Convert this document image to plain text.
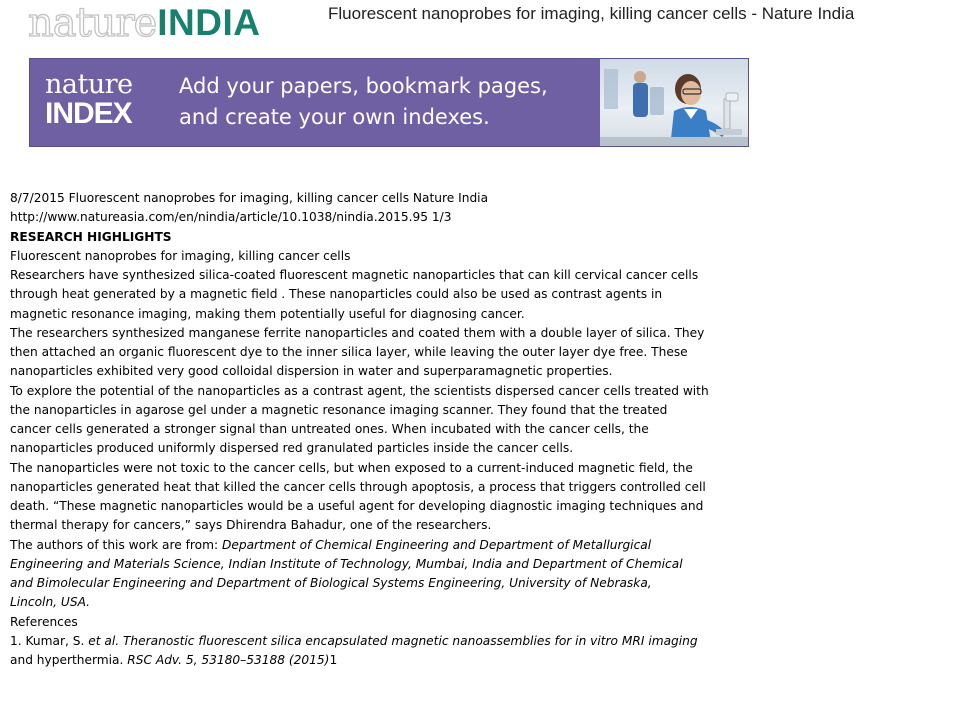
natureINDIA	Fluorescent nanoprobes for imaging, killing cancer cells - Nature India
nature
INDEX
Add your papers, bookmark pages,
and create your own indexes.
8/7/2015 Fluorescent nanoprobes for imaging, killing cancer cells Nature India
http://www.natureasia.com/en/nindia/article/10.1038/nindia.2015.95 1/3
RESEARCH HIGHLIGHTS
Fluorescent nanoprobes for imaging, killing cancer cells
Researchers have synthesized silica-coated fluorescent magnetic nanoparticles that can kill cervical cancer cells
through heat generated by a magnetic field . These nanoparticles could also be used as contrast agents in
magnetic resonance imaging, making them potentially useful for diagnosing cancer.
The researchers synthesized manganese ferrite nanoparticles and coated them with a double layer of silica. They
then attached an organic fluorescent dye to the inner silica layer, while leaving the outer layer dye free. These
nanoparticles exhibited very good colloidal dispersion in water and superparamagnetic properties.
To explore the potential of the nanoparticles as a contrast agent, the scientists dispersed cancer cells treated with
the nanoparticles in agarose gel under a magnetic resonance imaging scanner. They found that the treated
cancer cells generated a stronger signal than untreated ones. When incubated with the cancer cells, the
nanoparticles produced uniformly dispersed red granulated particles inside the cancer cells.
The nanoparticles were not toxic to the cancer cells, but when exposed to a current-induced magnetic field, the
nanoparticles generated heat that killed the cancer cells through apoptosis, a process that triggers controlled cell
death. “These magnetic nanoparticles would be a useful agent for developing diagnostic imaging techniques and
thermal therapy for cancers,” says Dhirendra Bahadur, one of the researchers.
The authors of this work are from: Department of Chemical Engineering and Department of Metallurgical
Engineering and Materials Science, Indian Institute of Technology, Mumbai, India and Department of Chemical
and Bimolecular Engineering and Department of Biological Systems Engineering, University of Nebraska,
Lincoln, USA.
References
1. Kumar, S. et al. Theranostic fluorescent silica encapsulated magnetic nanoassemblies for in vitro MRI imaging
and hyperthermia. RSC Adv. 5, 53180–53188 (2015)1
